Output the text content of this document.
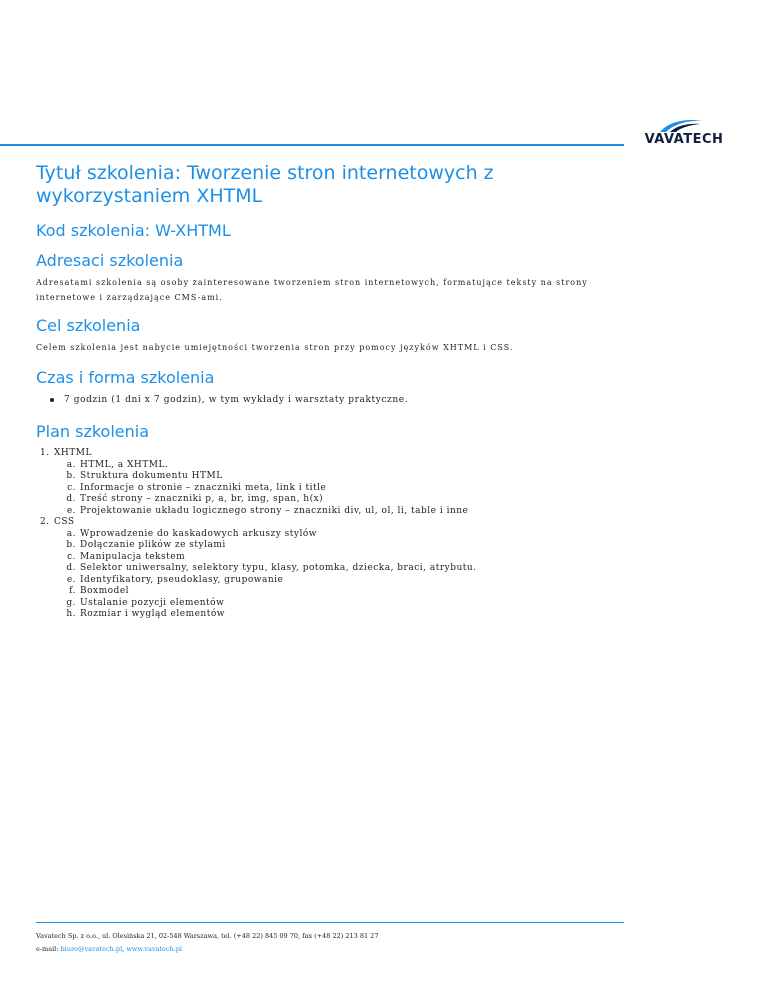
VAVATECH
Tytuł szkolenia: Tworzenie stron internetowych z wykorzystaniem XHTML
Kod szkolenia: W-XHTML
Adresaci szkolenia

Adresatami szkolenia są osoby zainteresowane tworzeniem stron internetowych, formatujące teksty na strony internetowe i zarządzające CMS-ami.

Cel szkolenia

Celem szkolenia jest nabycie umiejętności tworzenia stron przy pomocy języków XHTML i CSS.

Czas i forma szkolenia
7 godzin (1 dni x 7 godzin), w tym wykłady i warsztaty praktyczne.
Plan szkolenia
1. XHTML
a. HTML, a XHTML.
b. Struktura dokumentu HTML
c. Informacje o stronie – znaczniki meta, link i title
d. Treść strony – znaczniki p, a, br, img, span, h(x)
e. Projektowanie układu logicznego strony – znaczniki div, ul, ol, li, table i inne
2. CSS
a. Wprowadzenie do kaskadowych arkuszy stylów
b. Dołączanie plików ze stylami
c. Manipulacja tekstem
d. Selektor uniwersalny, selektory typu, klasy, potomka, dziecka, braci, atrybutu.
e. Identyfikatory, pseudoklasy, grupowanie
f. Boxmodel
g. Ustalanie pozycji elementów
h. Rozmiar i wygląd elementów
Vavatech Sp. z o.o., ul. Olesińska 21, 02-548 Warszawa, tel. (+48 22) 845 09 70, fax (+48 22) 213 81 27
e-mail: biuro@vavatech.pl, www.vavatech.pl
